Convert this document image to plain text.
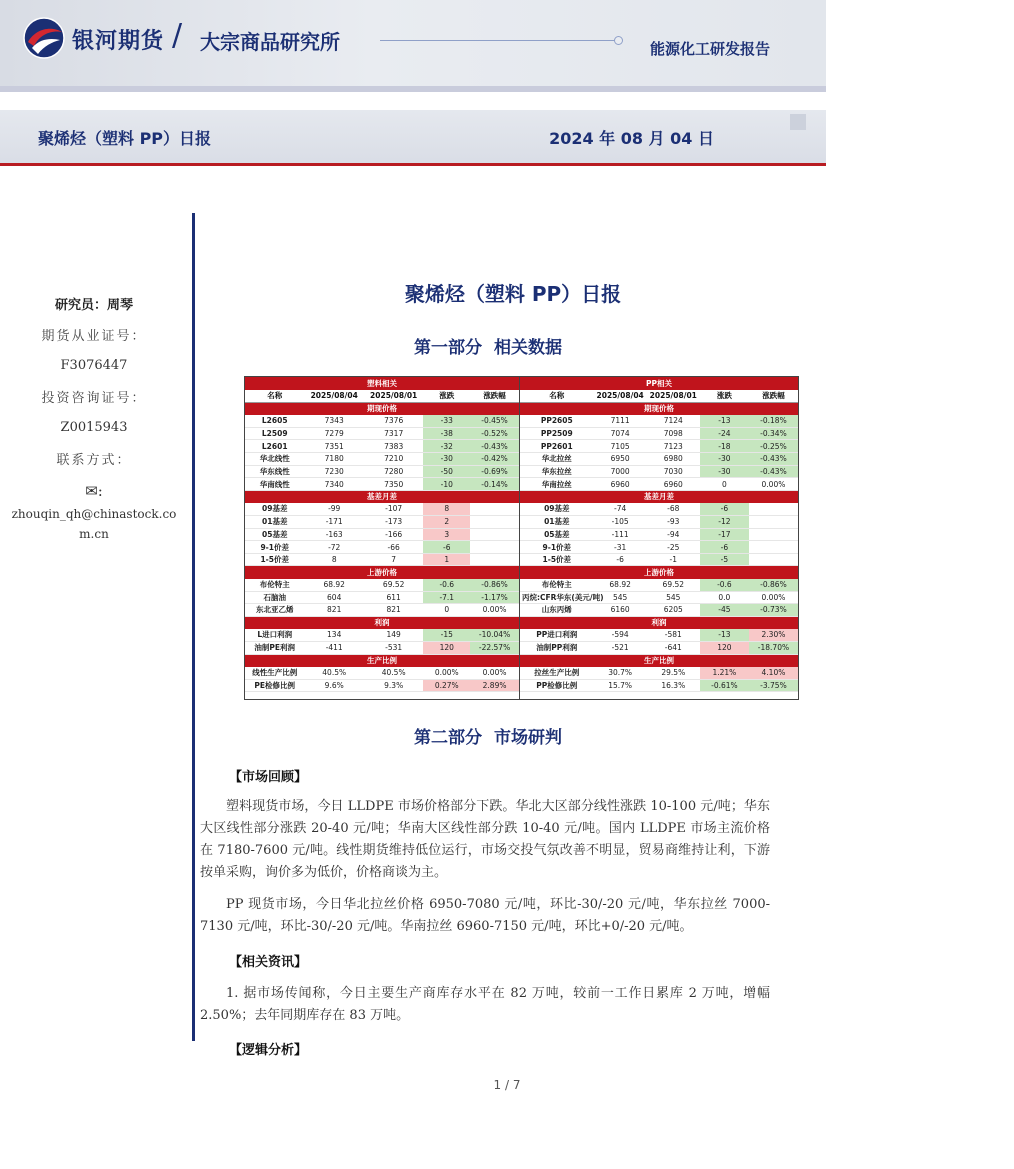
银河期货 / 大宗商品研究所	能源化工研发报告
聚烯烃（塑料 PP）日报	2024 年 08 月 04 日
研究员：周琴
期货从业证号：
F3076447
投资咨询证号：
Z0015943
联系方式：
✉:
zhouqin_qh@chinastock.com.cn
聚烯烃（塑料 PP）日报
第一部分 相关数据
塑料相关				
名称	2025/08/04	2025/08/01	涨跌	涨跌幅
期现价格				
L2605	7343	7376	-33	-0.45%
L2509	7279	7317	-38	-0.52%
L2601	7351	7383	-32	-0.43%
华北线性	7180	7210	-30	-0.42%
华东线性	7230	7280	-50	-0.69%
华南线性	7340	7350	-10	-0.14%
基差月差				
09基差	-99	-107	8	
01基差	-171	-173	2	
05基差	-163	-166	3	
9-1价差	-72	-66	-6	
1-5价差	8	7	1	
上游价格				
布伦特主	68.92	69.52	-0.6	-0.86%
石脑油	604	611	-7.1	-1.17%
东北亚乙烯	821	821	0	0.00%
利润				
L进口利润	134	149	-15	-10.04%
油制PE利润	-411	-531	120	-22.57%
生产比例				
线性生产比例	40.5%	40.5%	0.00%	0.00%
PE检修比例	9.6%	9.3%	0.27%	2.89%
PP相关				
名称	2025/08/04	2025/08/01	涨跌	涨跌幅
期现价格				
PP2605	7111	7124	-13	-0.18%
PP2509	7074	7098	-24	-0.34%
PP2601	7105	7123	-18	-0.25%
华北拉丝	6950	6980	-30	-0.43%
华东拉丝	7000	7030	-30	-0.43%
华南拉丝	6960	6960	0	0.00%
基差月差				
09基差	-74	-68	-6	
01基差	-105	-93	-12	
05基差	-111	-94	-17	
9-1价差	-31	-25	-6	
1-5价差	-6	-1	-5	
上游价格				
布伦特主	68.92	69.52	-0.6	-0.86%
丙烷:CFR华东(美元/吨)	545	545	0.0	0.00%
山东丙烯	6160	6205	-45	-0.73%
利润				
PP进口利润	-594	-581	-13	2.30%
油制PP利润	-521	-641	120	-18.70%
生产比例				
拉丝生产比例	30.7%	29.5%	1.21%	4.10%
PP检修比例	15.7%	16.3%	-0.61%	-3.75%
第二部分 市场研判
【市场回顾】
塑料现货市场，今日 LLDPE 市场价格部分下跌。华北大区部分线性涨跌 10-100 元/吨；华东大区线性部分涨跌 20-40 元/吨；华南大区线性部分跌 10-40 元/吨。国内 LLDPE 市场主流价格在 7180-7600 元/吨。线性期货维持低位运行，市场交投气氛改善不明显，贸易商维持让利，下游按单采购，询价多为低价，价格商谈为主。
PP 现货市场，今日华北拉丝价格 6950-7080 元/吨，环比-30/-20 元/吨，华东拉丝 7000-7130 元/吨，环比-30/-20 元/吨。华南拉丝 6960-7150 元/吨，环比+0/-20 元/吨。
【相关资讯】
1. 据市场传闻称，今日主要生产商库存水平在 82 万吨，较前一工作日累库 2 万吨，增幅 2.50%；去年同期库存在 83 万吨。
【逻辑分析】
1 / 7
